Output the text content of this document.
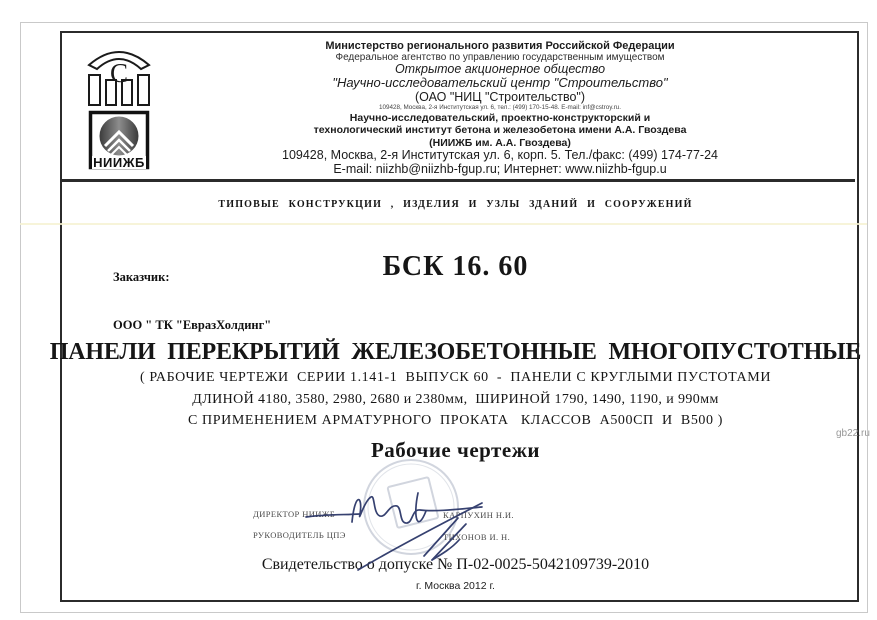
С
НИИЖБ
Министерство регионального развития Российской Федерации
Федеральное агентство по управлению государственным имуществом
Открытое акционерное общество
"Научно-исследовательский центр "Строительство"
(ОАО "НИЦ "Строительство")
109428, Москва, 2-я Институтская ул. 6, тел.: (499) 170-15-48. E-mail: inf@cstroy.ru.
Научно-исследовательский, проектно-конструкторский и
технологический институт бетона и железобетона имени А.А. Гвоздева
(НИИЖБ им. А.А. Гвоздева)
109428, Москва, 2-я Институтская ул. 6, корп. 5. Тел./факс: (499) 174-77-24
E-mail: niizhb@niizhb-fgup.ru; Интернет: www.niizhb-fgup.u
ТИПОВЫЕ КОНСТРУКЦИИ , ИЗДЕЛИЯ И УЗЛЫ ЗДАНИЙ И СООРУЖЕНИЙ

Заказчик:

ООО " ТК "ЕвразХолдинг"

БСК 16. 60
ПАНЕЛИ ПЕРЕКРЫТИЙ ЖЕЛЕЗОБЕТОННЫЕ МНОГОПУСТОТНЫЕ
( РАБОЧИЕ ЧЕРТЕЖИ  СЕРИИ 1.141-1  ВЫПУСК 60  -  ПАНЕЛИ С КРУГЛЫМИ ПУСТОТАМИ
ДЛИНОЙ 4180, 3580, 2980, 2680 и 2380мм,  ШИРИНОЙ 1790, 1490, 1190, и 990мм
С ПРИМЕНЕНИЕМ АРМАТУРНОГО  ПРОКАТА   КЛАССОВ  А500СП  И  В500 )
Рабочие чертежи
ДИРЕКТОР НИИЖБ
РУКОВОДИТЕЛЬ ЦПЭ
КАРПУХИН Н.И.
ТИХОНОВ И. Н.
Свидетельство о допуске № П-02-0025-5042109739-2010
г. Москва 2012 г.
gb22.ru
